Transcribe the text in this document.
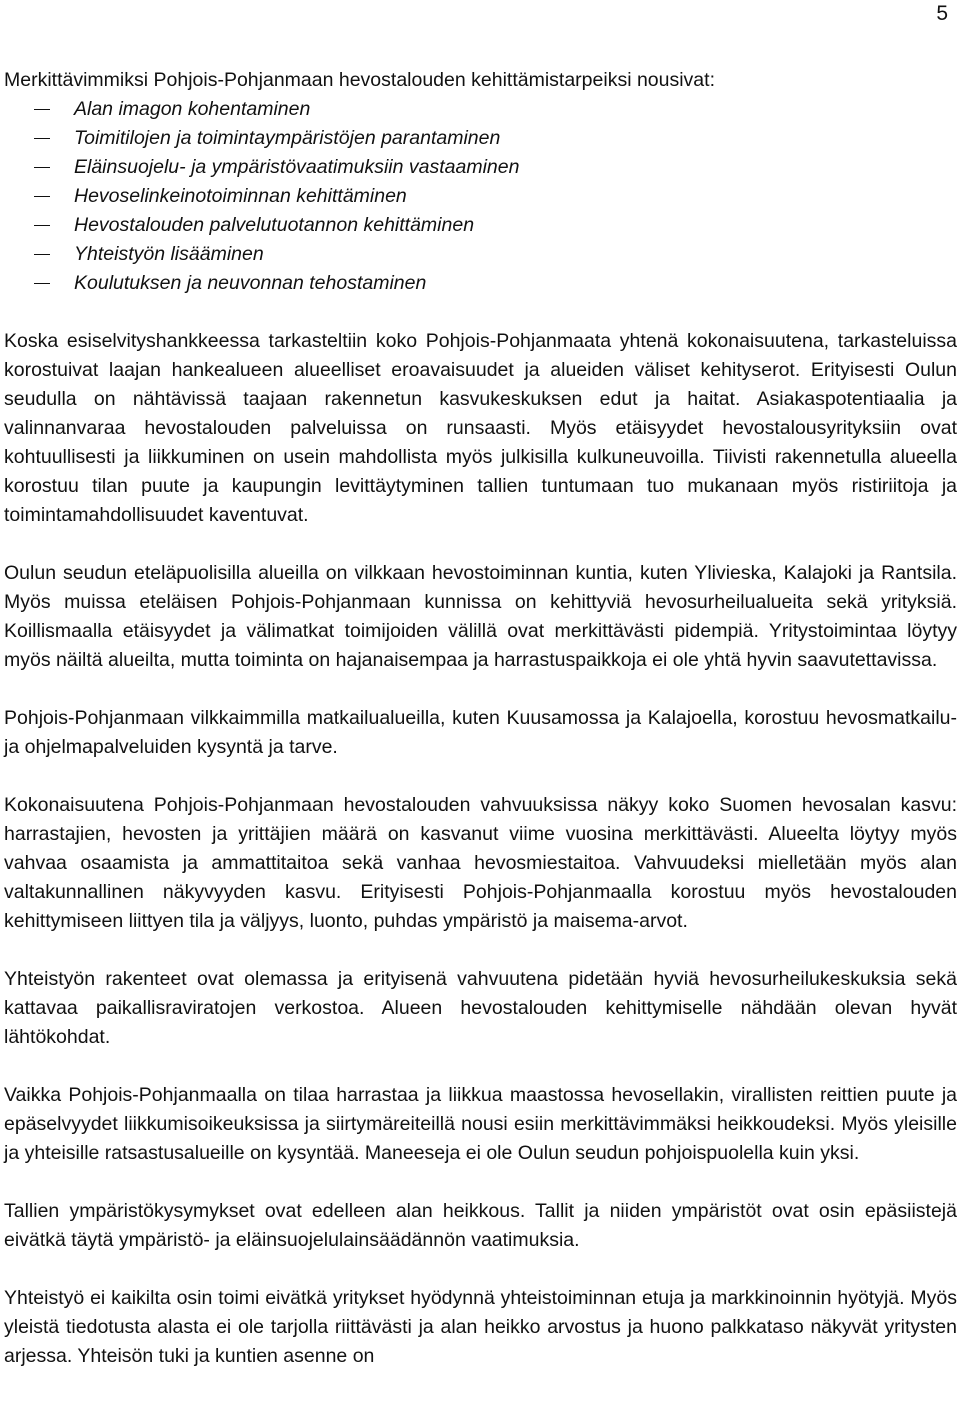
5

Merkittävimmiksi Pohjois-Pohjanmaan hevostalouden kehittämistarpeiksi nousivat:

Alan imagon kohentaminen
Toimitilojen ja toimintaympäristöjen parantaminen
Eläinsuojelu- ja ympäristövaatimuksiin vastaaminen
Hevoselinkeinotoiminnan kehittäminen
Hevostalouden palvelutuotannon kehittäminen
Yhteistyön lisääminen
Koulutuksen ja neuvonnan tehostaminen

Koska esiselvityshankkeessa tarkasteltiin koko Pohjois-Pohjanmaata yhtenä kokonaisuutena, tarkasteluissa korostuivat laajan hankealueen alueelliset eroavaisuudet ja alueiden väliset kehityserot. Erityisesti Oulun seudulla on nähtävissä taajaan rakennetun kasvukeskuksen edut ja haitat. Asiakaspotentiaalia ja valinnanvaraa hevostalouden palveluissa on runsaasti. Myös etäisyydet hevostalousyrityksiin ovat kohtuullisesti ja liikkuminen on usein mahdollista myös julkisilla kulkuneuvoilla. Tiivisti rakennetulla alueella korostuu tilan puute ja kaupungin levittäytyminen tallien tuntumaan tuo mukanaan myös ristiriitoja ja toimintamahdollisuudet kaventuvat.

Oulun seudun eteläpuolisilla alueilla on vilkkaan hevostoiminnan kuntia, kuten Ylivieska, Kalajoki ja Rantsila. Myös muissa eteläisen Pohjois-Pohjanmaan kunnissa on kehittyviä hevosurheilualueita sekä yrityksiä. Koillismaalla etäisyydet ja välimatkat toimijoiden välillä ovat merkittävästi pidempiä. Yritystoimintaa löytyy myös näiltä alueilta, mutta toiminta on hajanaisempaa ja harrastuspaikkoja ei ole yhtä hyvin saavutettavissa.

Pohjois-Pohjanmaan vilkkaimmilla matkailualueilla, kuten Kuusamossa ja Kalajoella, korostuu hevosmatkailu- ja ohjelmapalveluiden kysyntä ja tarve.

Kokonaisuutena Pohjois-Pohjanmaan hevostalouden vahvuuksissa näkyy koko Suomen hevosalan kasvu: harrastajien, hevosten ja yrittäjien määrä on kasvanut viime vuosina merkittävästi. Alueelta löytyy myös vahvaa osaamista ja ammattitaitoa sekä vanhaa hevosmiestaitoa. Vahvuudeksi mielletään myös alan valtakunnallinen näkyvyyden kasvu. Erityisesti Pohjois-Pohjanmaalla korostuu myös hevostalouden kehittymiseen liittyen tila ja väljyys, luonto, puhdas ympäristö ja maisema-arvot.

Yhteistyön rakenteet ovat olemassa ja erityisenä vahvuutena pidetään hyviä hevosurheilukeskuksia sekä kattavaa paikallisraviratojen verkostoa. Alueen hevostalouden kehittymiselle nähdään olevan hyvät lähtökohdat.

Vaikka Pohjois-Pohjanmaalla on tilaa harrastaa ja liikkua maastossa hevosellakin, virallisten reittien puute ja epäselvyydet liikkumisoikeuksissa ja siirtymäreiteillä nousi esiin merkittävimmäksi heikkoudeksi. Myös yleisille ja yhteisille ratsastusalueille on kysyntää. Maneeseja ei ole Oulun seudun pohjoispuolella kuin yksi.

Tallien ympäristökysymykset ovat edelleen alan heikkous. Tallit ja niiden ympäristöt ovat osin epäsiistejä eivätkä täytä ympäristö- ja eläinsuojelulainsäädännön vaatimuksia.

Yhteistyö ei kaikilta osin toimi eivätkä yritykset hyödynnä yhteistoiminnan etuja ja markkinoinnin hyötyjä. Myös yleistä tiedotusta alasta ei ole tarjolla riittävästi ja alan heikko arvostus ja huono palkkataso näkyvät yritysten arjessa. Yhteisön tuki ja kuntien asenne on
